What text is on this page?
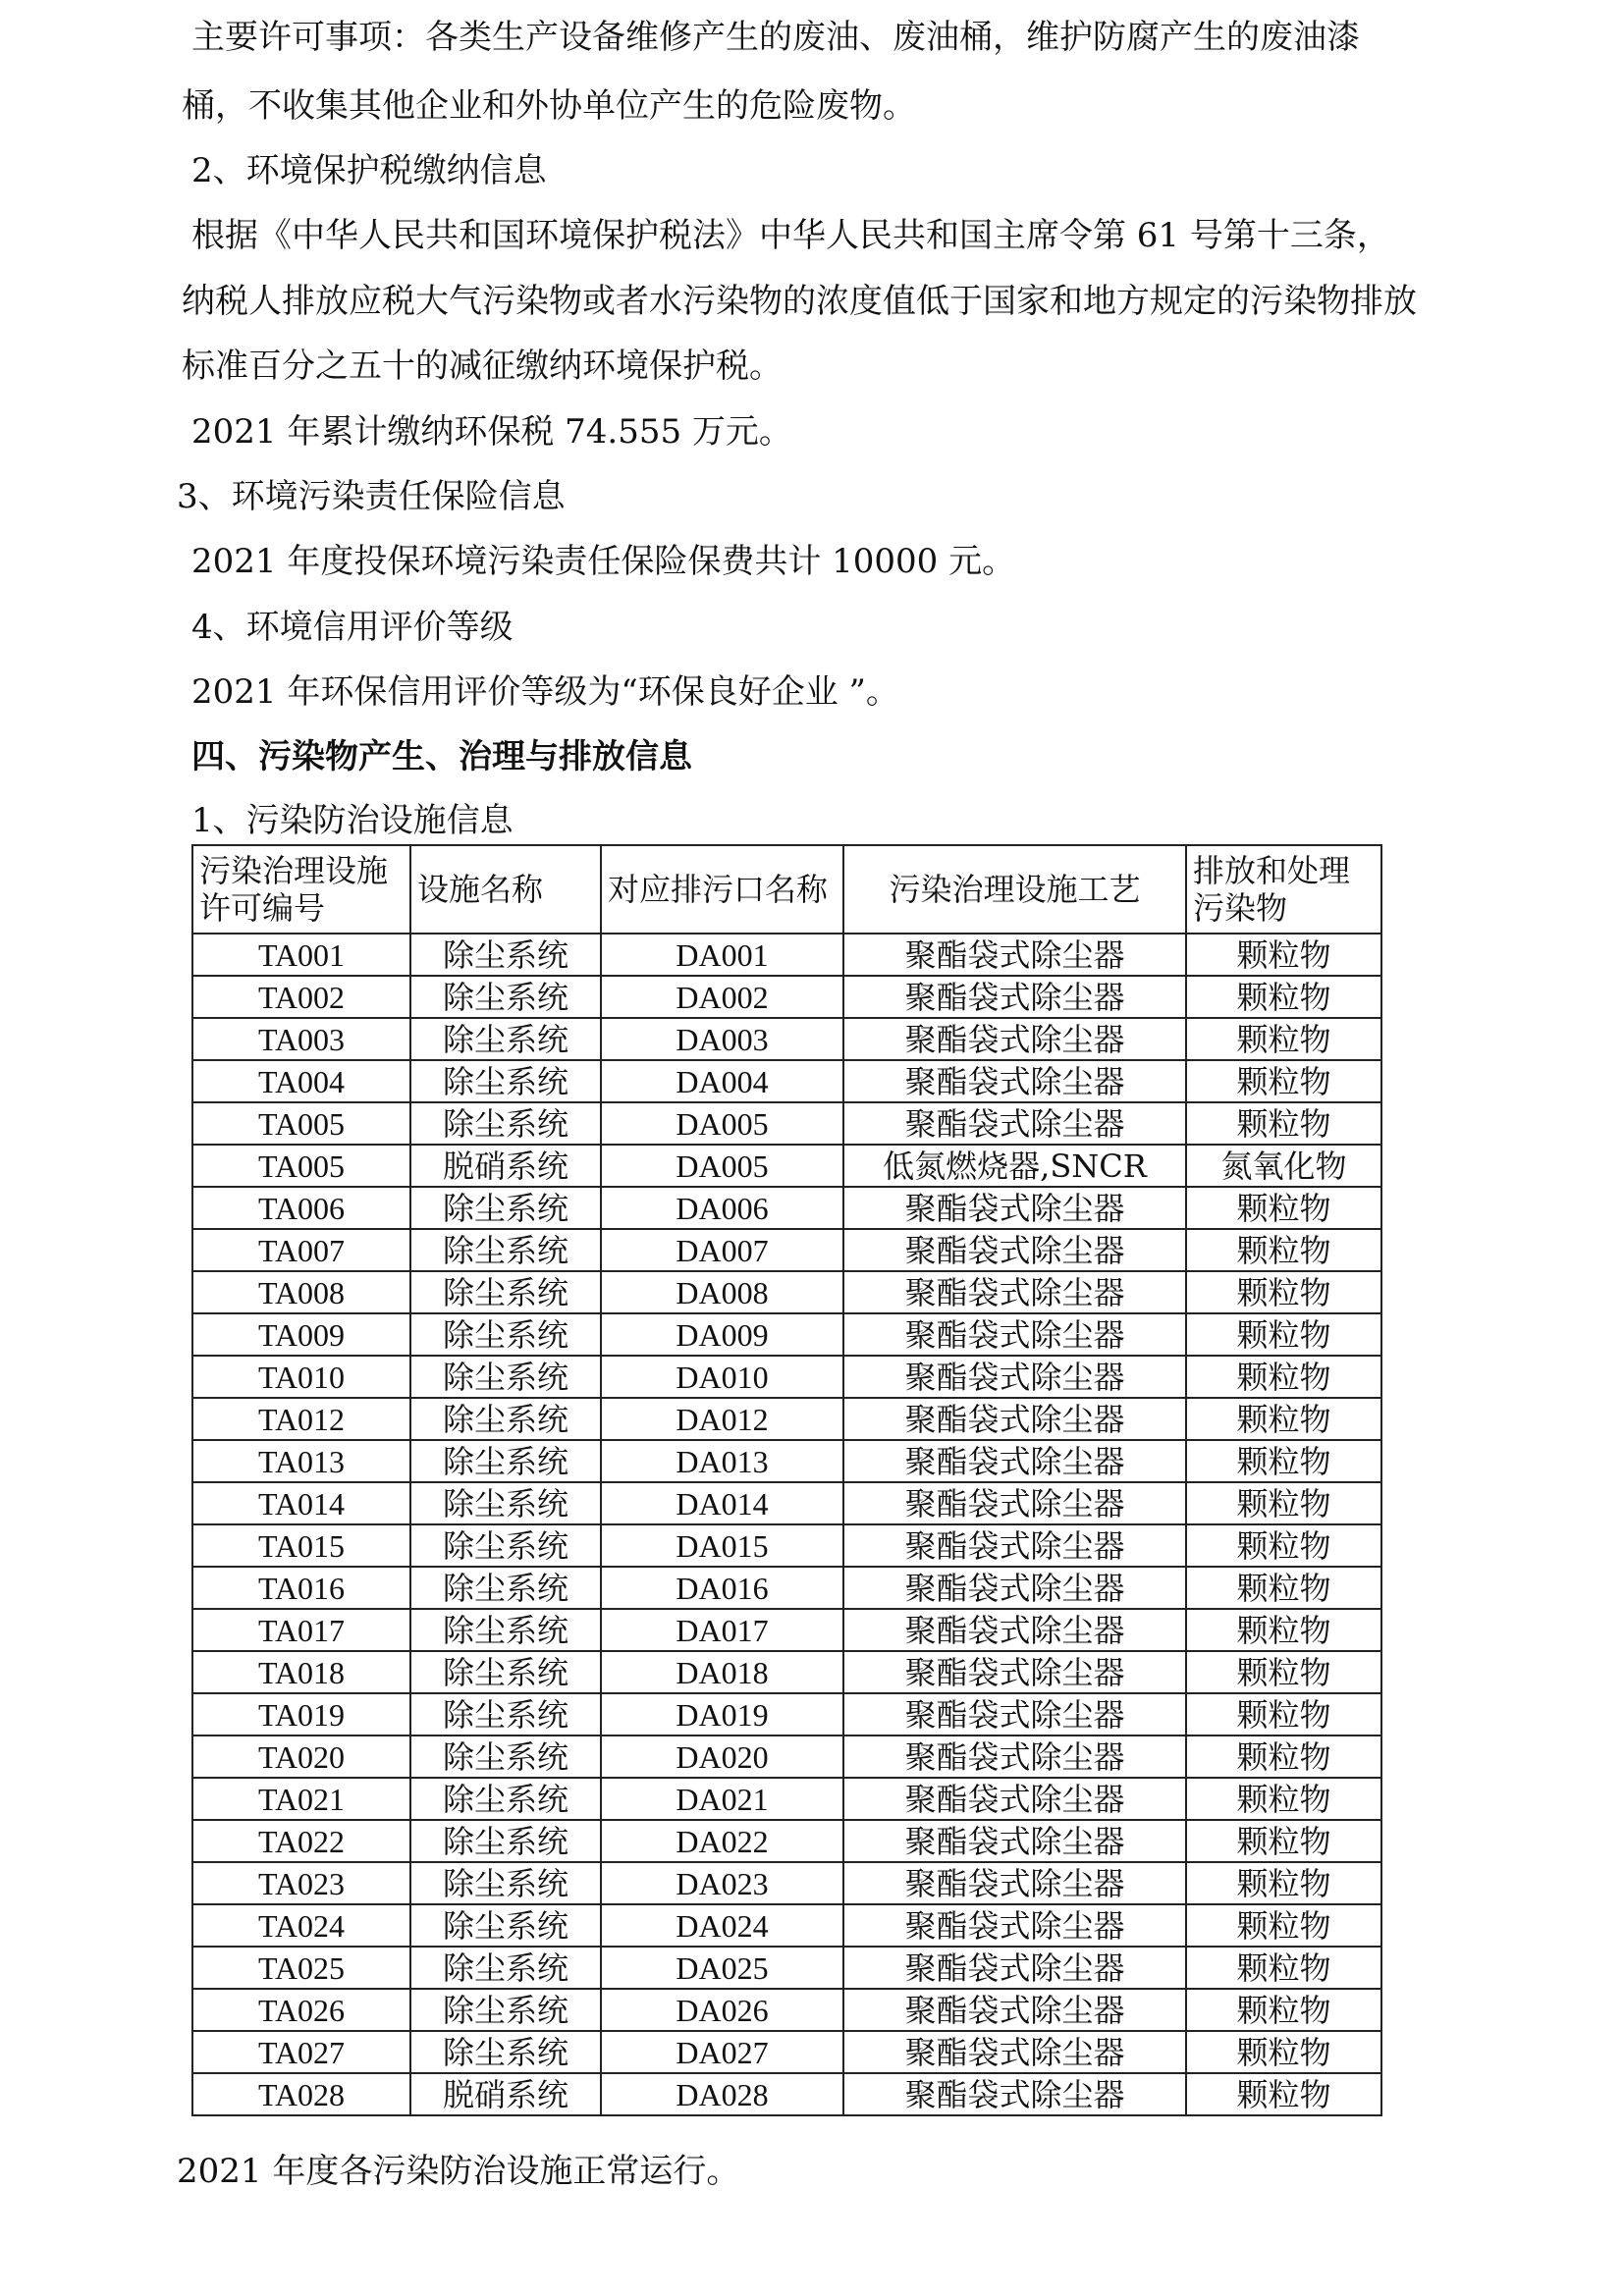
主要许可事项：各类生产设备维修产生的废油、废油桶，维护防腐产生的废油漆
桶，不收集其他企业和外协单位产生的危险废物。
2、环境保护税缴纳信息
根据《中华人民共和国环境保护税法》中华人民共和国主席令第 61 号第十三条，
纳税人排放应税大气污染物或者水污染物的浓度值低于国家和地方规定的污染物排放
标准百分之五十的减征缴纳环境保护税。
2021 年累计缴纳环保税 74.555 万元。
3、环境污染责任保险信息
2021 年度投保环境污染责任保险保费共计 10000 元。
4、环境信用评价等级
2021 年环保信用评价等级为“环保良好企业 ”。
四、污染物产生、治理与排放信息
1、污染防治设施信息
污染治理设施许可编号	设施名称	对应排污口名称	污染治理设施工艺	排放和处理污染物
TA001	除尘系统	DA001	聚酯袋式除尘器	颗粒物
TA002	除尘系统	DA002	聚酯袋式除尘器	颗粒物
TA003	除尘系统	DA003	聚酯袋式除尘器	颗粒物
TA004	除尘系统	DA004	聚酯袋式除尘器	颗粒物
TA005	除尘系统	DA005	聚酯袋式除尘器	颗粒物
TA005	脱硝系统	DA005	低氮燃烧器,SNCR	氮氧化物
TA006	除尘系统	DA006	聚酯袋式除尘器	颗粒物
TA007	除尘系统	DA007	聚酯袋式除尘器	颗粒物
TA008	除尘系统	DA008	聚酯袋式除尘器	颗粒物
TA009	除尘系统	DA009	聚酯袋式除尘器	颗粒物
TA010	除尘系统	DA010	聚酯袋式除尘器	颗粒物
TA012	除尘系统	DA012	聚酯袋式除尘器	颗粒物
TA013	除尘系统	DA013	聚酯袋式除尘器	颗粒物
TA014	除尘系统	DA014	聚酯袋式除尘器	颗粒物
TA015	除尘系统	DA015	聚酯袋式除尘器	颗粒物
TA016	除尘系统	DA016	聚酯袋式除尘器	颗粒物
TA017	除尘系统	DA017	聚酯袋式除尘器	颗粒物
TA018	除尘系统	DA018	聚酯袋式除尘器	颗粒物
TA019	除尘系统	DA019	聚酯袋式除尘器	颗粒物
TA020	除尘系统	DA020	聚酯袋式除尘器	颗粒物
TA021	除尘系统	DA021	聚酯袋式除尘器	颗粒物
TA022	除尘系统	DA022	聚酯袋式除尘器	颗粒物
TA023	除尘系统	DA023	聚酯袋式除尘器	颗粒物
TA024	除尘系统	DA024	聚酯袋式除尘器	颗粒物
TA025	除尘系统	DA025	聚酯袋式除尘器	颗粒物
TA026	除尘系统	DA026	聚酯袋式除尘器	颗粒物
TA027	除尘系统	DA027	聚酯袋式除尘器	颗粒物
TA028	脱硝系统	DA028	聚酯袋式除尘器	颗粒物
2021 年度各污染防治设施正常运行。
